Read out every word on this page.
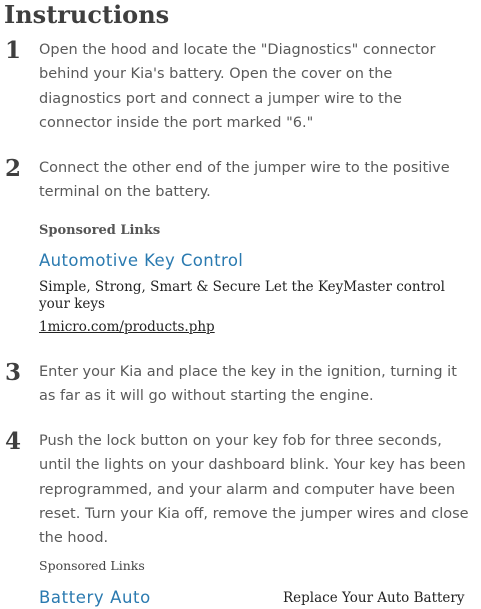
Instructions
1 Open the hood and locate the "Diagnostics" connector behind your Kia's battery. Open the cover on the diagnostics port and connect a jumper wire to the connector inside the port marked "6."

2 Connect the other end of the jumper wire to the positive terminal on the battery.

Sponsored Links
Automotive Key Control
Simple, Strong, Smart & Secure Let the KeyMaster control your keys
1micro.com/products.php
3 Enter your Kia and place the key in the ignition, turning it as far as it will go without starting the engine.

4 Push the lock button on your key fob for three seconds, until the lights on your dashboard blink. Your key has been reprogrammed, and your alarm and computer have been reset. Turn your Kia off, remove the jumper wires and close the hood.

Sponsored Links
Battery Auto	Replace Your Auto Battery
